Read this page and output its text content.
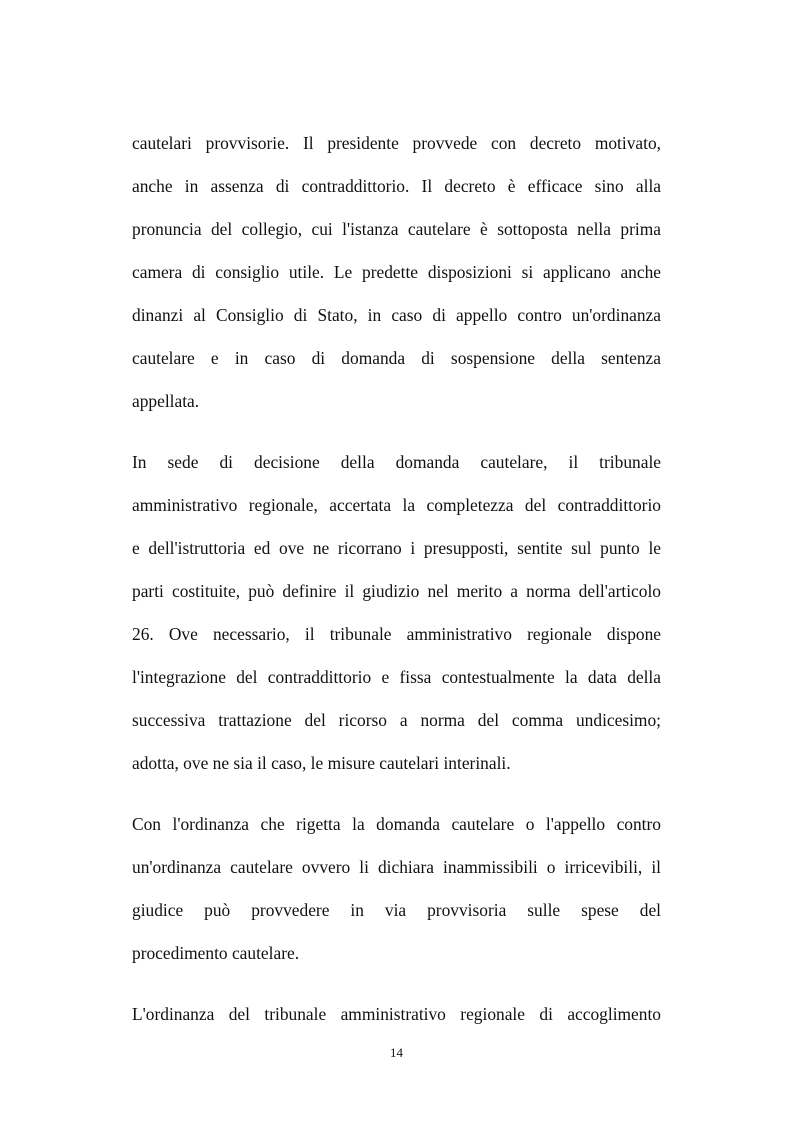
cautelari provvisorie. Il presidente provvede con decreto motivato,
anche in assenza di contraddittorio. Il decreto è efficace sino alla
pronuncia del collegio, cui l'istanza cautelare è sottoposta nella prima
camera di consiglio utile. Le predette disposizioni si applicano anche
dinanzi al Consiglio di Stato, in caso di appello contro un'ordinanza
cautelare e in caso di domanda di sospensione della sentenza
appellata.

In sede di decisione della domanda cautelare, il tribunale
amministrativo regionale, accertata la completezza del contraddittorio
e dell'istruttoria ed ove ne ricorrano i presupposti, sentite sul punto le
parti costituite, può definire il giudizio nel merito a norma dell'articolo
26. Ove necessario, il tribunale amministrativo regionale dispone
l'integrazione del contraddittorio e fissa contestualmente la data della
successiva trattazione del ricorso a norma del comma undicesimo;
adotta, ove ne sia il caso, le misure cautelari interinali.

Con l'ordinanza che rigetta la domanda cautelare o l'appello contro
un'ordinanza cautelare ovvero li dichiara inammissibili o irricevibili, il
giudice può provvedere in via provvisoria sulle spese del
procedimento cautelare.

L'ordinanza del tribunale amministrativo regionale di accoglimento

14
